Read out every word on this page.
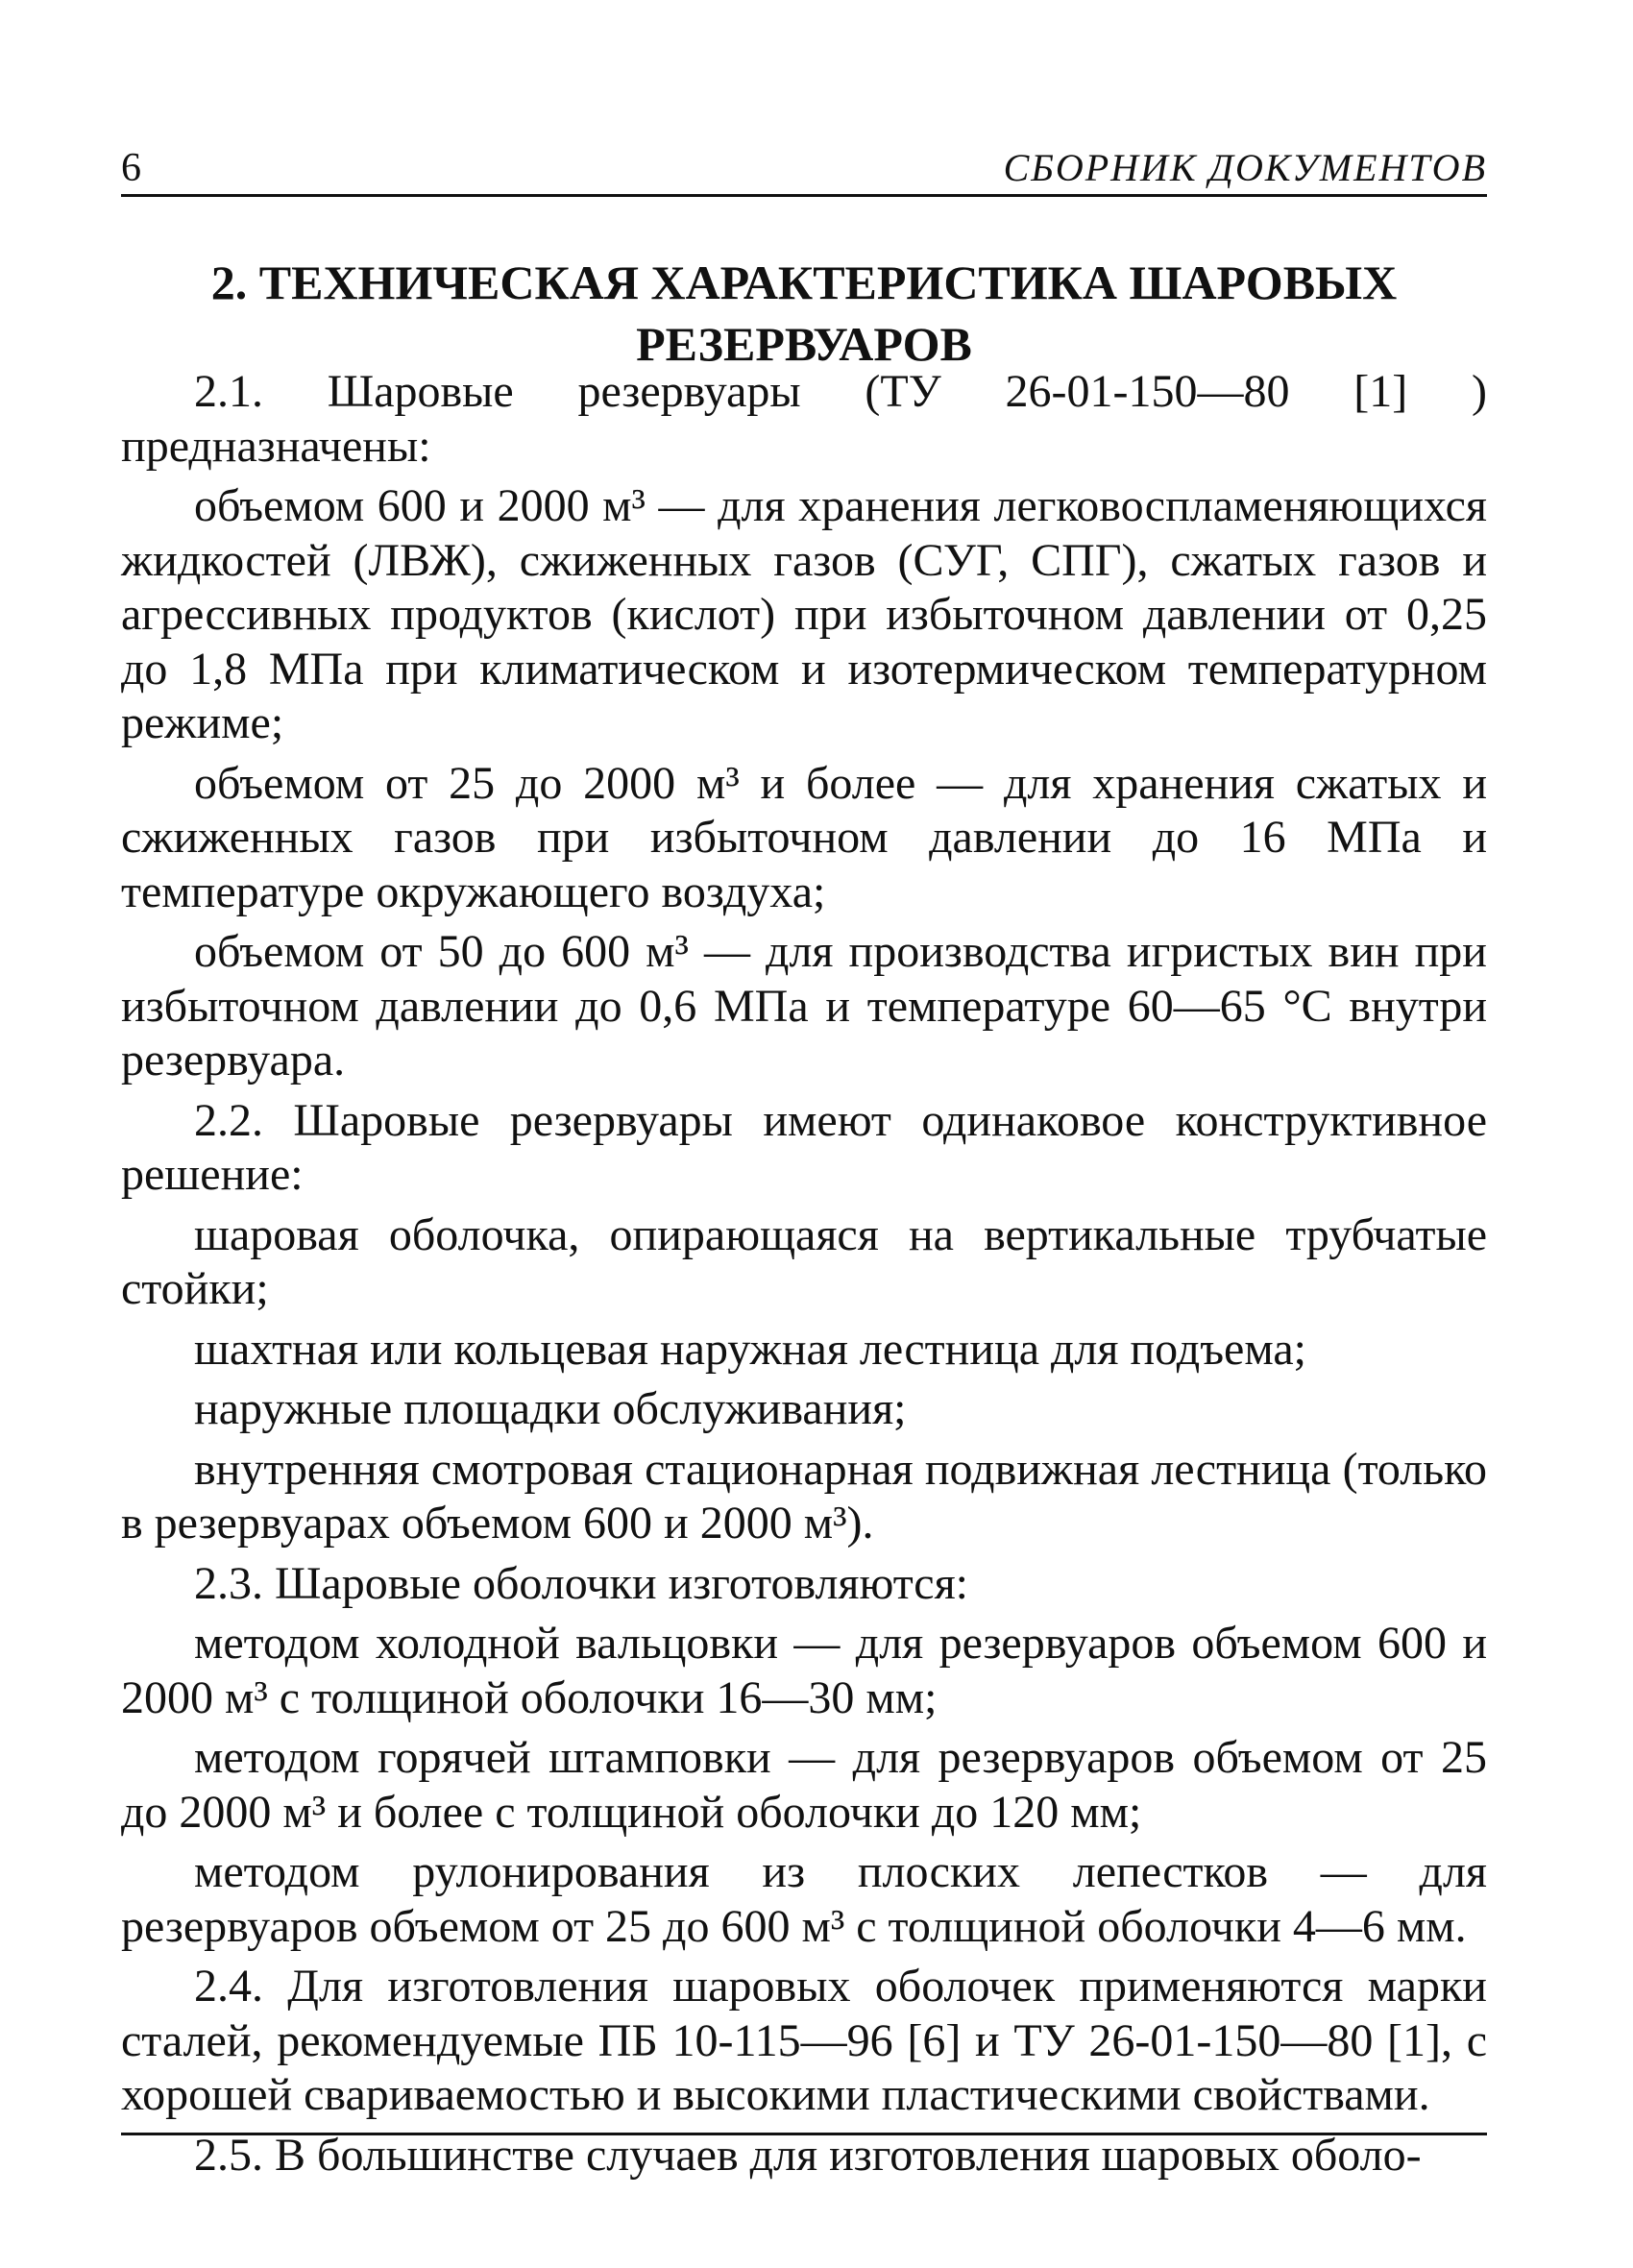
6	СБОРНИК ДОКУМЕНТОВ
2. ТЕХНИЧЕСКАЯ ХАРАКТЕРИСТИКА ШАРОВЫХ
РЕЗЕРВУАРОВ

2.1. Шаровые резервуары (ТУ 26-01-150—80 [1] ) предназначены:

объемом 600 и 2000 м³ — для хранения легковоспламеняющихся жидкостей (ЛВЖ), сжиженных газов (СУГ, СПГ), сжатых газов и агрессивных продуктов (кислот) при избыточном давлении от 0,25 до 1,8 МПа при климатическом и изотермическом температурном режиме;

объемом от 25 до 2000 м³ и более — для хранения сжатых и сжиженных газов при избыточном давлении до 16 МПа и температуре окружающего воздуха;

объемом от 50 до 600 м³ — для производства игристых вин при избыточном давлении до 0,6 МПа и температуре 60—65 °С внутри резервуара.

2.2. Шаровые резервуары имеют одинаковое конструктивное решение:

шаровая оболочка, опирающаяся на вертикальные трубчатые стойки;

шахтная или кольцевая наружная лестница для подъема;

наружные площадки обслуживания;

внутренняя смотровая стационарная подвижная лестница (только в резервуарах объемом 600 и 2000 м³).

2.3. Шаровые оболочки изготовляются:

методом холодной вальцовки — для резервуаров объемом 600 и 2000 м³ с толщиной оболочки 16—30 мм;

методом горячей штамповки — для резервуаров объемом от 25 до 2000 м³ и более с толщиной оболочки до 120 мм;

методом рулонирования из плоских лепестков — для резервуаров объемом от 25 до 600 м³ с толщиной оболочки 4—6 мм.

2.4. Для изготовления шаровых оболочек применяются марки сталей, рекомендуемые ПБ 10-115—96 [6] и ТУ 26-01-150—80 [1], с хорошей свариваемостью и высокими пластическими свойствами.

2.5. В большинстве случаев для изготовления шаровых оболо-
